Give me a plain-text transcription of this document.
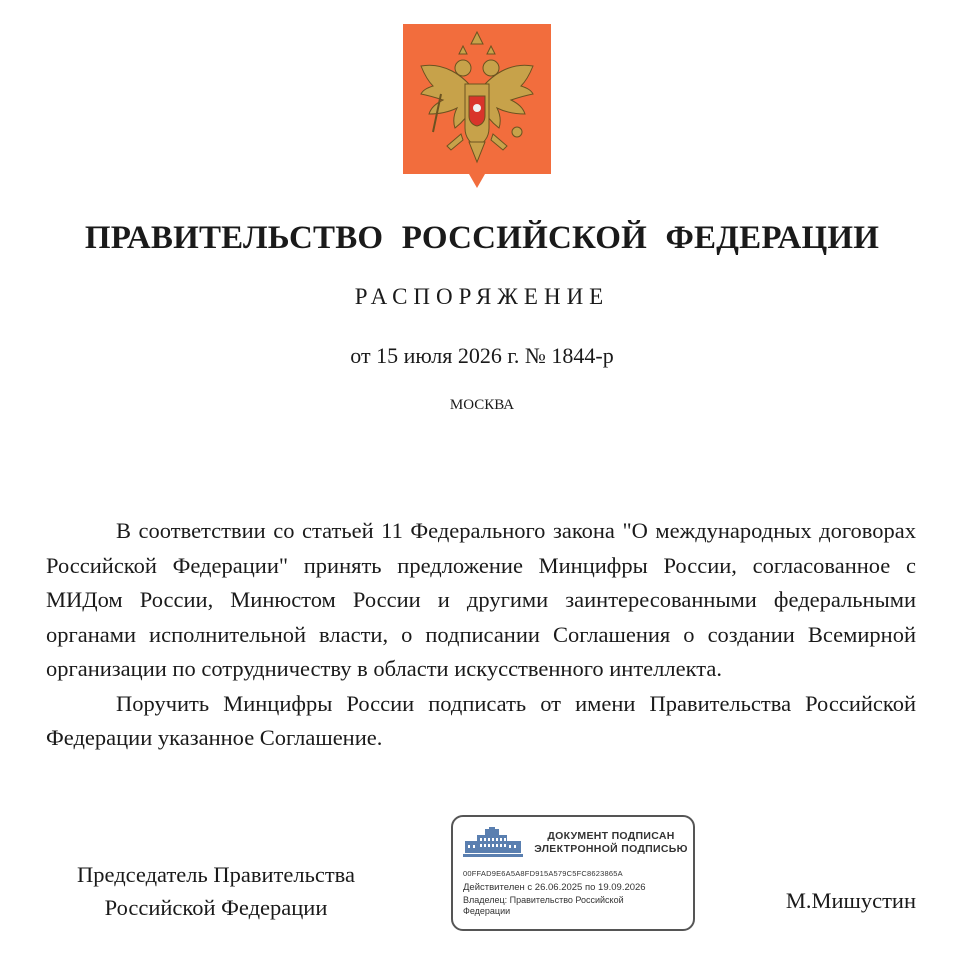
ПРАВИТЕЛЬСТВО РОССИЙСКОЙ ФЕДЕРАЦИИ
РАСПОРЯЖЕНИЕ
от 15 июля 2026 г. № 1844-р
МОСКВА

В соответствии со статьей 11 Федерального закона "О международных договорах Российской Федерации" принять предложение Минцифры России, согласованное с МИДом России, Минюстом России и другими заинтересованными федеральными органами исполнительной власти, о подписании Соглашения о создании Всемирной организации по сотрудничеству в области искусственного интеллекта.

Поручить Минцифры России подписать от имени Правительства Российской Федерации указанное Соглашение.

Председатель Правительства
Российской Федерации
ДОКУМЕНТ ПОДПИСАН
ЭЛЕКТРОННОЙ ПОДПИСЬЮ
00FFAD9E6A5A8FD915A579C5FC8623865A
Действителен с 26.06.2025 по 19.09.2026
Владелец: Правительство Российской
Федерации	М.Мишустин
